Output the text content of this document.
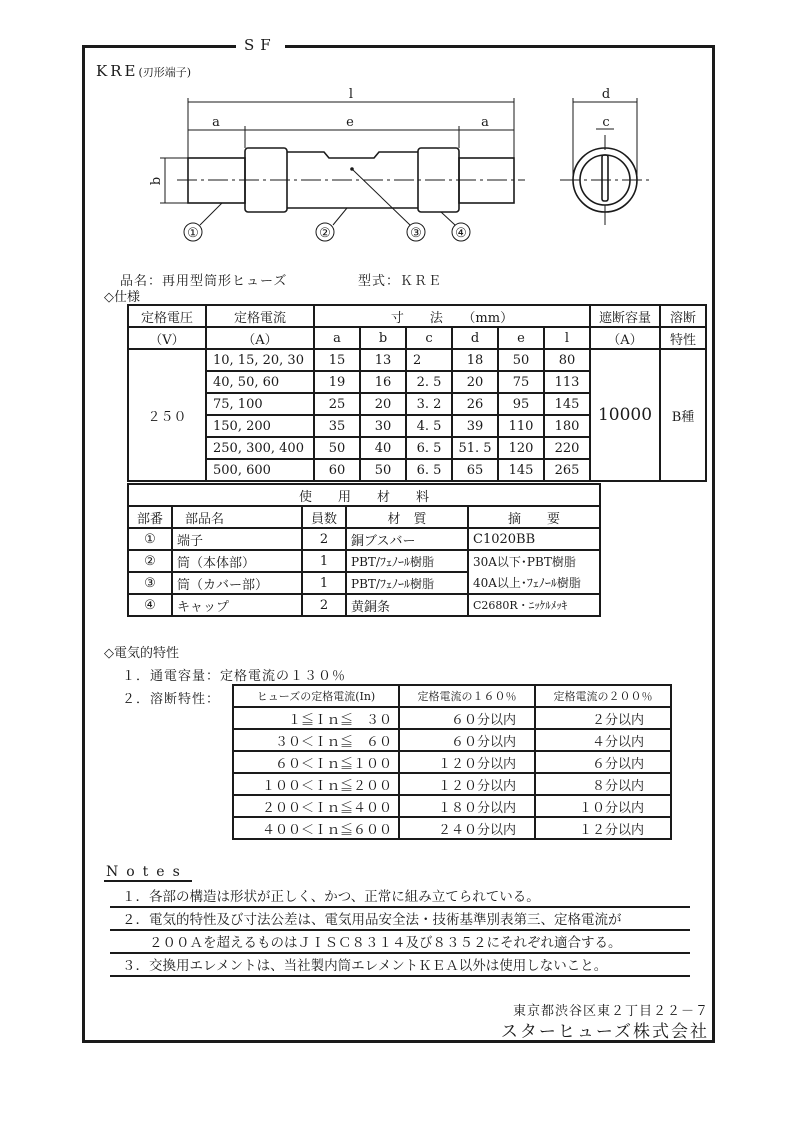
SF
KRE(刃形端子)
l
a	e	a
b
d
c
①	②	③	④
品名：再用型筒形ヒューズ	型式：ＫＲＥ
◇仕様
定格電圧	定格電流	寸　　法　　（mm）						遮断容量	溶断
（V）	（A）	a	b	c	d	e	l	（A）	特性
２５０	10, 15, 20, 30	15	13	2	18	50	80	10000	B種
	40, 50, 60	19	16	2. 5	20	75	113		
	75, 100	25	20	3. 2	26	95	145		
	150, 200	35	30	4. 5	39	110	180		
	250, 300, 400	50	40	6. 5	51. 5	120	220		
	500, 600	60	50	6. 5	65	145	265		
使　　用　　材　　料				
部番	部品名	員数	材　質	摘　　要
①	端子	2	銅ブスバー	C1020BB
②	筒（本体部）	1	PBT/ﾌｪﾉｰﾙ樹脂	30A以下･PBT樹脂
③	筒（カバー部）	1	PBT/ﾌｪﾉｰﾙ樹脂	40A以上･ﾌｪﾉｰﾙ樹脂
④	キャップ	2	黄銅条	C2680R・ﾆｯｹﾙﾒｯｷ
◇電気的特性
１．通電容量：定格電流の１３０％
２．溶断特性：	ヒューズの定格電流(In)	定格電流の１６０％	定格電流の２００％
１≦Ｉｎ≦　３０	６０分以内	２分以内
３０＜Ｉｎ≦　６０	６０分以内	４分以内
６０＜Ｉｎ≦１００	１２０分以内	６分以内
１００＜Ｉｎ≦２００	１２０分以内	８分以内
２００＜Ｉｎ≦４００	１８０分以内	１０分以内
４００＜Ｉｎ≦６００	２４０分以内	１２分以内
Notes
１．各部の構造は形状が正しく、かつ、正常に組み立てられている。
２．電気的特性及び寸法公差は、電気用品安全法・技術基準別表第三、定格電流が
　　２００Ａを超えるものはＪＩＳＣ８３１４及び８３５２にそれぞれ適合する。
３．交換用エレメントは、当社製内筒エレメントＫＥＡ以外は使用しないこと。
東京都渋谷区東２丁目２２－７
スターヒューズ株式会社
